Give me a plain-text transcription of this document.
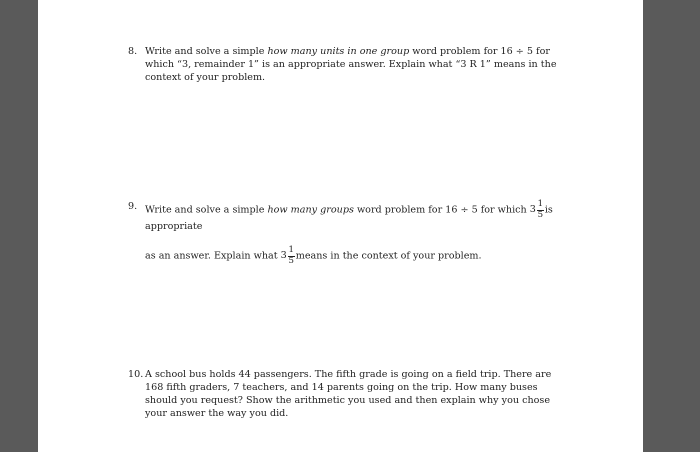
8. Write and solve a simple how many units in one group word problem for 16 ÷ 5 for which “3, remainder 1” is an appropriate answer. Explain what “3 R 1” means in the context of your problem.
9. Write and solve a simple how many groups word problem for 16 ÷ 5 for which $3 \frac{1}{5}$ is appropriate
as an answer. Explain what $3 \frac{1}{5}$ means in the context of your problem.
10. A school bus holds 44 passengers. The fifth grade is going on a field trip. There are 168 fifth graders, 7 teachers, and 14 parents going on the trip. How many buses should you request? Show the arithmetic you used and then explain why you chose your answer the way you did.
